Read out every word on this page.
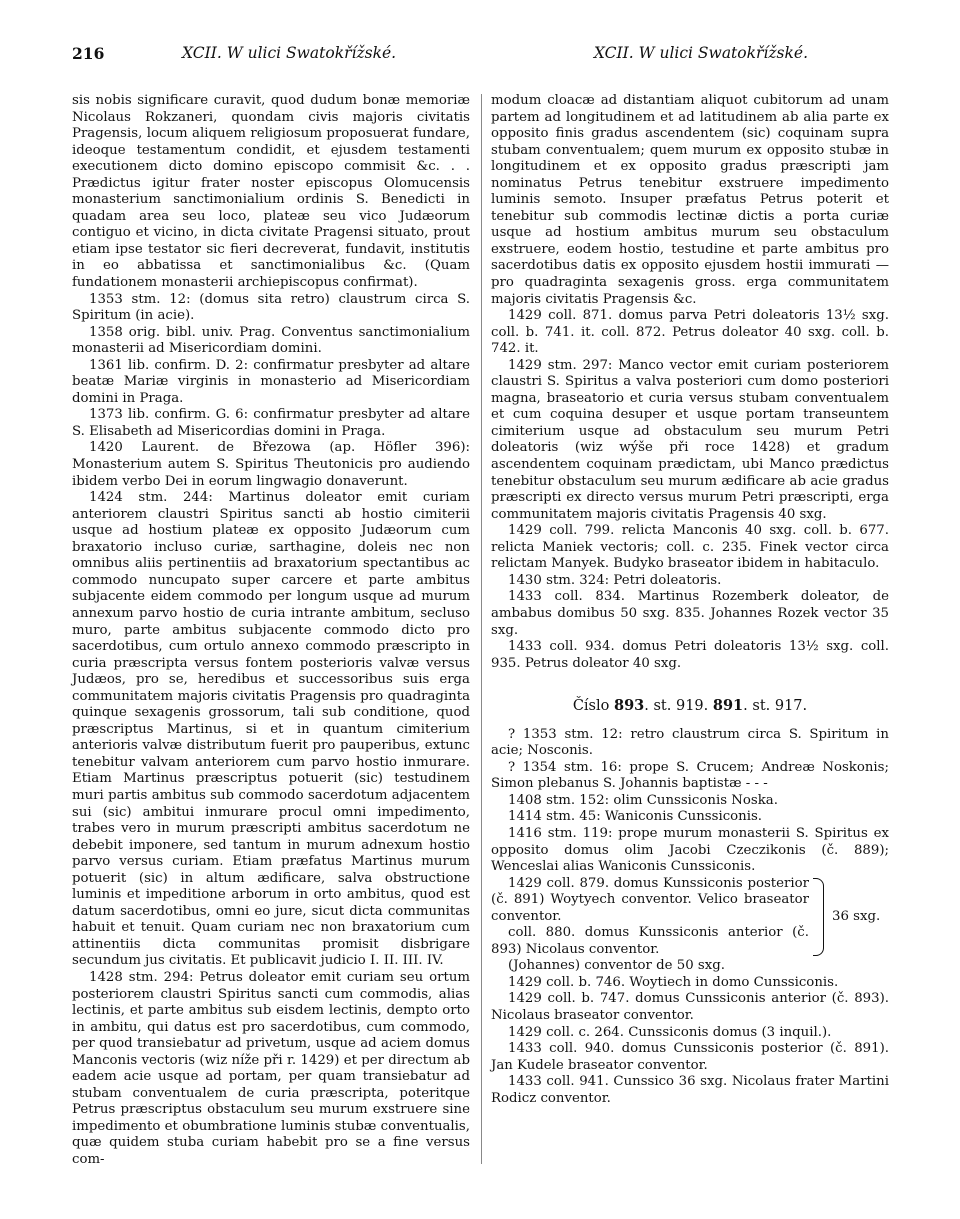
216	XCII. W ulici Swatokřížské.	XCII. W ulici Swatokřížské.

sis nobis significare curavit, quod dudum bonæ memoriæ Nicolaus Rokzaneri, quondam civis majoris civitatis Pragensis, locum aliquem religiosum proposuerat fundare, ideoque testamentum condidit, et ejusdem testamenti executionem dicto domino episcopo commisit &c. . . Prædictus igitur frater noster episcopus Olomucensis monasterium sanctimonialium ordinis S. Benedicti in quadam area seu loco, plateæ seu vico Judæorum contiguo et vicino, in dicta civitate Pragensi situato, prout etiam ipse testator sic fieri decreverat, fundavit, institutis in eo abbatissa et sanctimonialibus &c. (Quam fundationem monasterii archiepiscopus confirmat).

1353 stm. 12: (domus sita retro) claustrum circa S. Spiritum (in acie).

1358 orig. bibl. univ. Prag. Conventus sanctimonialium monasterii ad Misericordiam domini.

1361 lib. confirm. D. 2: confirmatur presbyter ad altare beatæ Mariæ virginis in monasterio ad Misericordiam domini in Praga.

1373 lib. confirm. G. 6: confirmatur presbyter ad altare S. Elisabeth ad Misericordias domini in Praga.

1420 Laurent. de Březowa (ap. Höfler 396): Monasterium autem S. Spiritus Theutonicis pro audiendo ibidem verbo Dei in eorum lingwagio donaverunt.

1424 stm. 244: Martinus doleator emit curiam anteriorem claustri Spiritus sancti ab hostio cimiterii usque ad hostium plateæ ex opposito Judæorum cum braxatorio incluso curiæ, sarthagine, doleis nec non omnibus aliis pertinentiis ad braxatorium spectantibus ac commodo nuncupato super carcere et parte ambitus subjacente eidem commodo per longum usque ad murum annexum parvo hostio de curia intrante ambitum, secluso muro, parte ambitus subjacente commodo dicto pro sacerdotibus, cum ortulo annexo commodo præscripto in curia præscripta versus fontem posterioris valvæ versus Judæos, pro se, heredibus et successoribus suis erga communitatem majoris civitatis Pragensis pro quadraginta quinque sexagenis grossorum, tali sub conditione, quod præscriptus Martinus, si et in quantum cimiterium anterioris valvæ distributum fuerit pro pauperibus, extunc tenebitur valvam anteriorem cum parvo hostio inmurare. Etiam Martinus præscriptus potuerit (sic) testudinem muri partis ambitus sub commodo sacerdotum adjacentem sui (sic) ambitui inmurare procul omni impedimento, trabes vero in murum præscripti ambitus sacerdotum ne debebit imponere, sed tantum in murum adnexum hostio parvo versus curiam. Etiam præfatus Martinus murum potuerit (sic) in altum ædificare, salva obstructione luminis et impeditione arborum in orto ambitus, quod est datum sacerdotibus, omni eo jure, sicut dicta communitas habuit et tenuit. Quam curiam nec non braxatorium cum attinentiis dicta communitas promisit disbrigare secundum jus civitatis. Et publicavit judicio I. II. III. IV.

1428 stm. 294: Petrus doleator emit curiam seu ortum posteriorem claustri Spiritus sancti cum commodis, alias lectinis, et parte ambitus sub eisdem lectinis, dempto orto in ambitu, qui datus est pro sacerdotibus, cum commodo, per quod transiebatur ad privetum, usque ad aciem domus Manconis vectoris (wiz níže při r. 1429) et per directum ab eadem acie usque ad portam, per quam transiebatur ad stubam conventualem de curia præscripta, poteritque Petrus præscriptus obstaculum seu murum exstruere sine impedimento et obumbratione luminis stubæ conventualis, quæ quidem stuba curiam habebit pro se a fine versus com-

modum cloacæ ad distantiam aliquot cubitorum ad unam partem ad longitudinem et ad latitudinem ab alia parte ex opposito finis gradus ascendentem (sic) coquinam supra stubam conventualem; quem murum ex opposito stubæ in longitudinem et ex opposito gradus præscripti jam nominatus Petrus tenebitur exstruere impedimento luminis semoto. Insuper præfatus Petrus poterit et tenebitur sub commodis lectinæ dictis a porta curiæ usque ad hostium ambitus murum seu obstaculum exstruere, eodem hostio, testudine et parte ambitus pro sacerdotibus datis ex opposito ejusdem hostii immurati — pro quadraginta sexagenis gross. erga communitatem majoris civitatis Pragensis &c.

1429 coll. 871. domus parva Petri doleatoris 13½ sxg. coll. b. 741. it. coll. 872. Petrus doleator 40 sxg. coll. b. 742. it.

1429 stm. 297: Manco vector emit curiam posteriorem claustri S. Spiritus a valva posteriori cum domo posteriori magna, braseatorio et curia versus stubam conventualem et cum coquina desuper et usque portam transeuntem cimiterium usque ad obstaculum seu murum Petri doleatoris (wiz wýše při roce 1428) et gradum ascendentem coquinam prædictam, ubi Manco prædictus tenebitur obstaculum seu murum ædificare ab acie gradus præscripti ex directo versus murum Petri præscripti, erga communitatem majoris civitatis Pragensis 40 sxg.

1429 coll. 799. relicta Manconis 40 sxg. coll. b. 677. relicta Maniek vectoris; coll. c. 235. Finek vector circa relictam Manyek. Budyko braseator ibidem in habitaculo.

1430 stm. 324: Petri doleatoris.

1433 coll. 834. Martinus Rozemberk doleator, de ambabus domibus 50 sxg. 835. Johannes Rozek vector 35 sxg.

1433 coll. 934. domus Petri doleatoris 13½ sxg. coll. 935. Petrus doleator 40 sxg.

Číslo 893. st. 919. 891. st. 917.

? 1353 stm. 12: retro claustrum circa S. Spiritum in acie; Nosconis.

? 1354 stm. 16: prope S. Crucem; Andreæ Noskonis; Simon plebanus S. Johannis baptistæ - - -

1408 stm. 152: olim Cunssiconis Noska.

1414 stm. 45: Waniconis Cunssiconis.

1416 stm. 119: prope murum monasterii S. Spiritus ex opposito domus olim Jacobi Czeczikonis (č. 889); Wenceslai alias Waniconis Cunssiconis.

1429 coll. 879. domus Kunssiconis posterior (č. 891) Woytyech conventor. Velico braseator conventor.

coll. 880. domus Kunssiconis anterior (č. 893) Nicolaus conventor.

36 sxg.

(Johannes) conventor de 50 sxg.

1429 coll. b. 746. Woytiech in domo Cunssiconis.

1429 coll. b. 747. domus Cunssiconis anterior (č. 893). Nicolaus braseator conventor.

1429 coll. c. 264. Cunssiconis domus (3 inquil.).

1433 coll. 940. domus Cunssiconis posterior (č. 891). Jan Kudele braseator conventor.

1433 coll. 941. Cunssico 36 sxg. Nicolaus frater Martini Rodicz conventor.
